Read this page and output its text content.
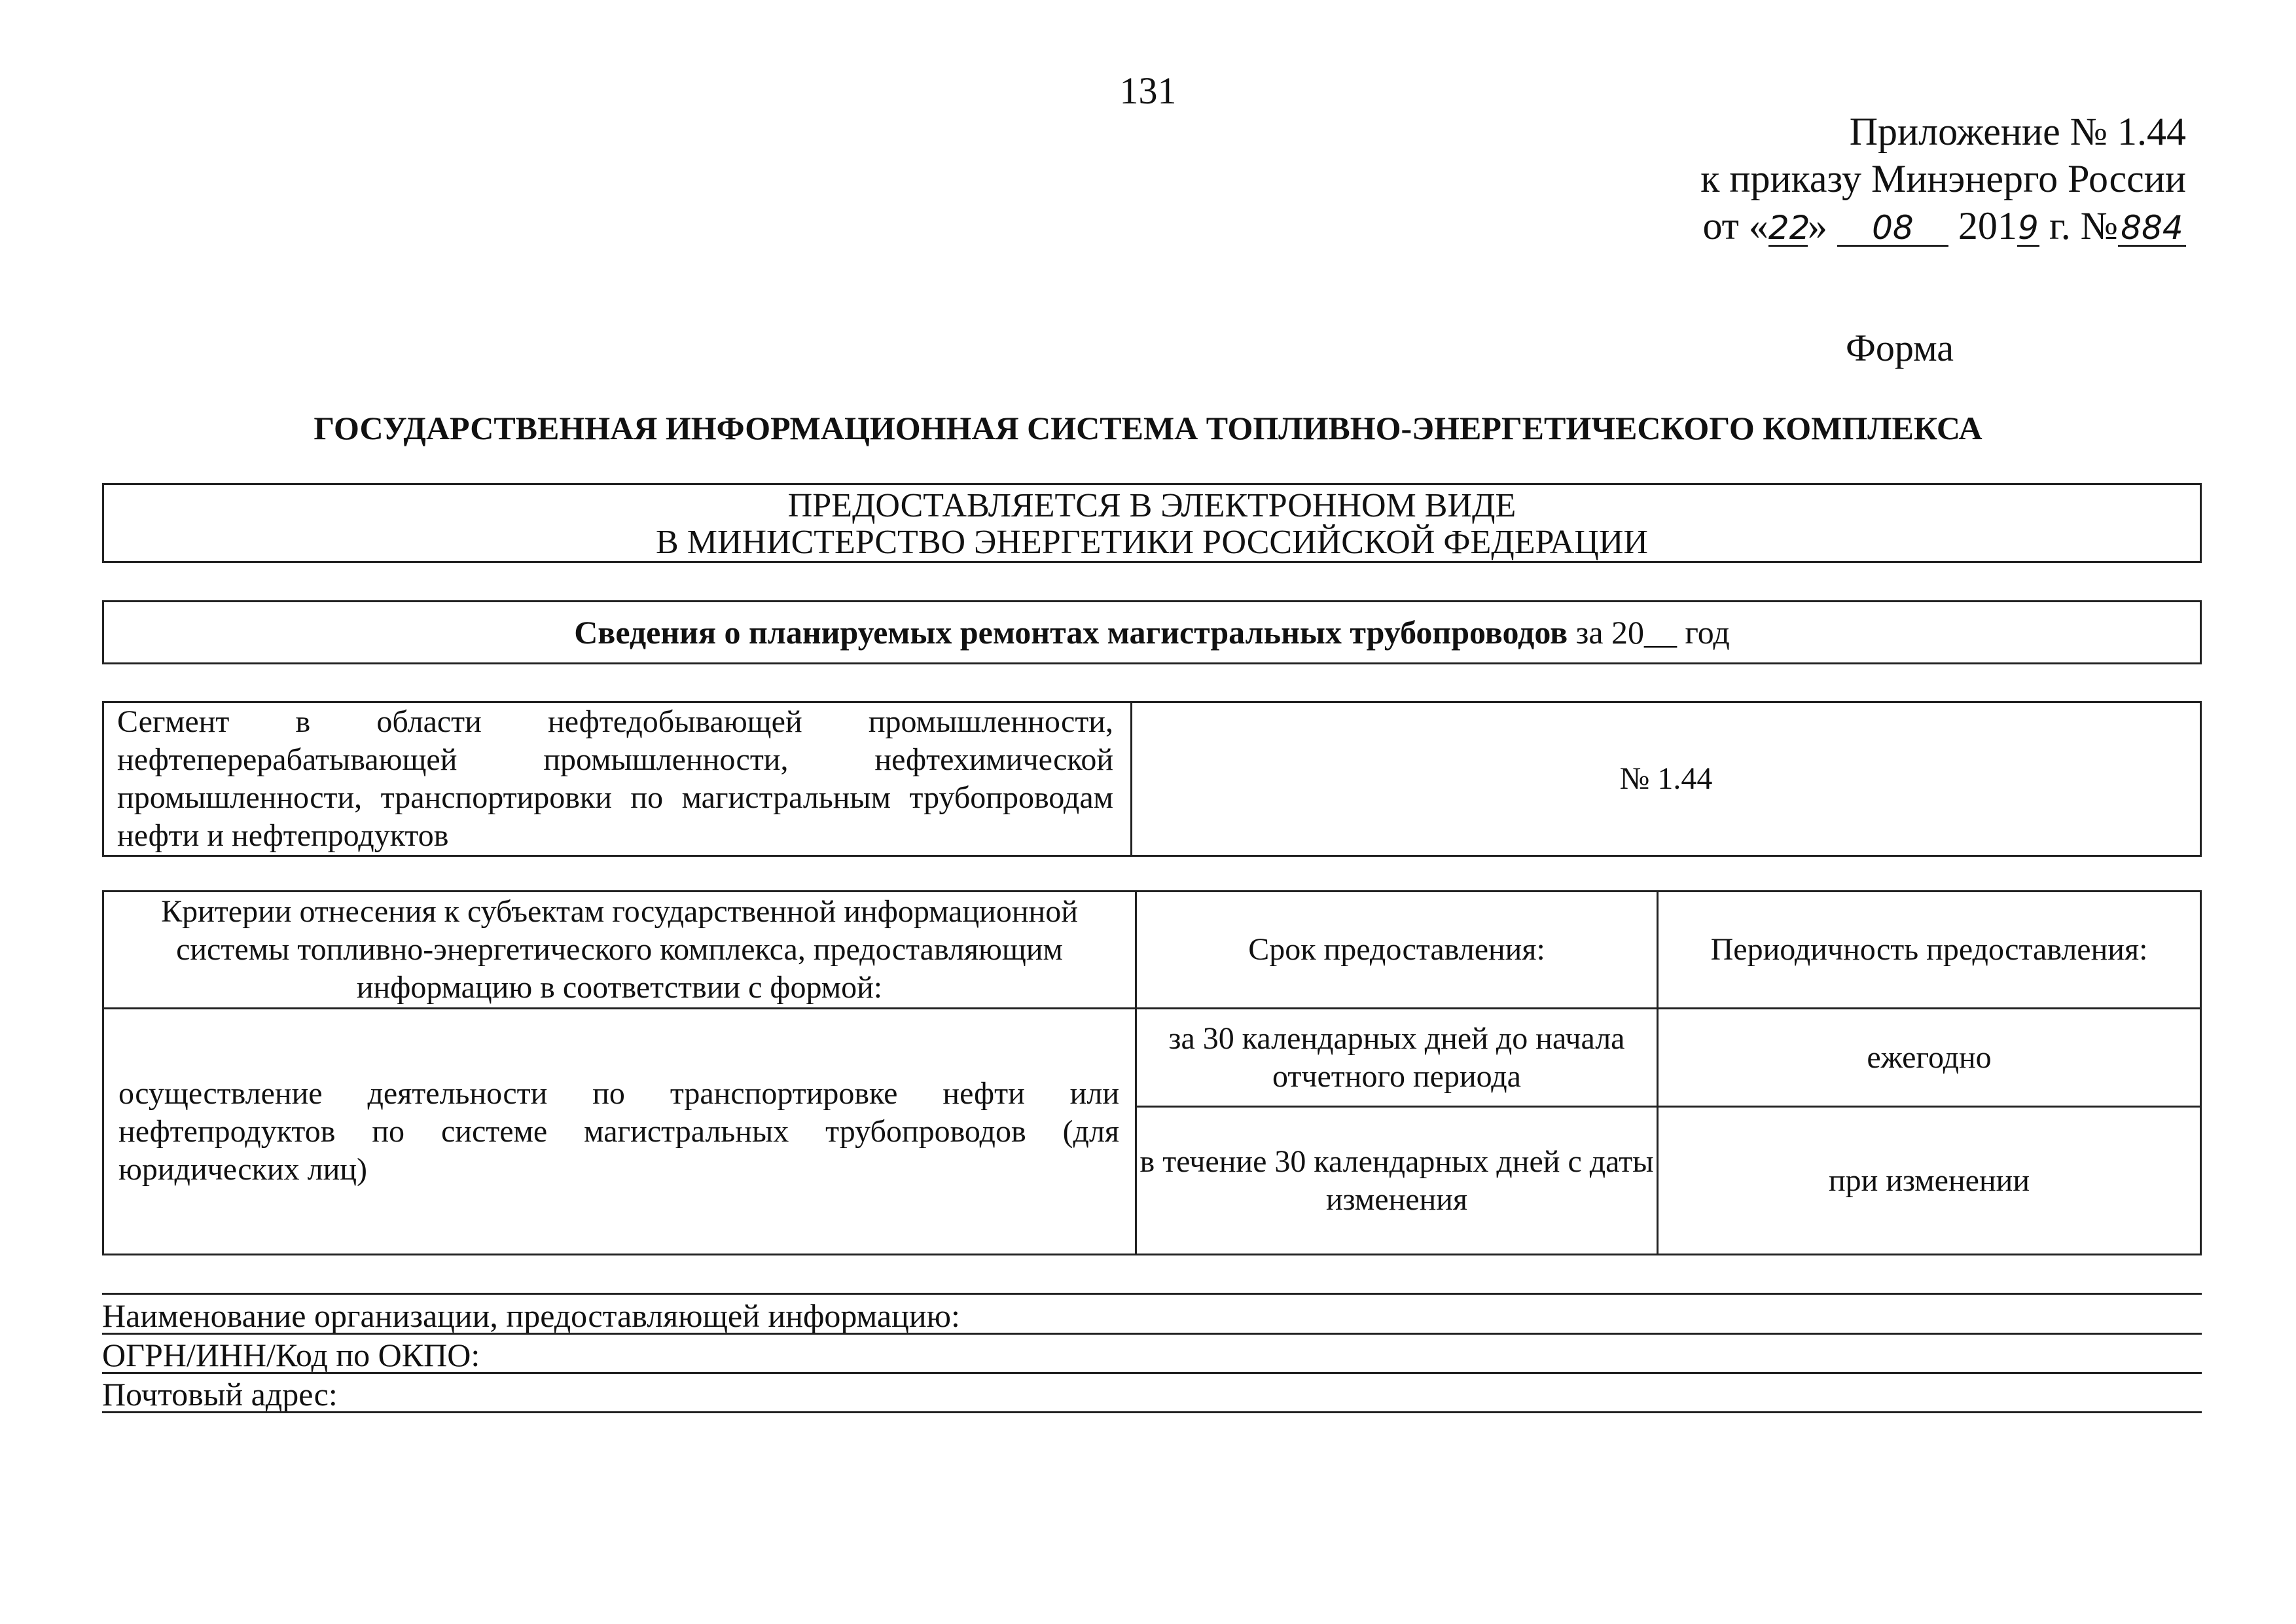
131
Приложение № 1.44
к приказу Минэнерго России
от «22» 08 2019 г. №884
Форма
ГОСУДАРСТВЕННАЯ ИНФОРМАЦИОННАЯ СИСТЕМА ТОПЛИВНО-ЭНЕРГЕТИЧЕСКОГО КОМПЛЕКСА
ПРЕДОСТАВЛЯЕТСЯ В ЭЛЕКТРОННОМ ВИДЕ
В МИНИСТЕРСТВО ЭНЕРГЕТИКИ РОССИЙСКОЙ ФЕДЕРАЦИИ
Сведения о планируемых ремонтах магистральных трубопроводов за 20__ год
Сегмент в области нефтедобывающей промышленности, нефтеперерабатывающей промышленности, нефтехимической промышленности, транспортировки по магистральным трубопроводам нефти и нефтепродуктов	№ 1.44
Критерии отнесения к субъектам государственной информационной системы топливно-энергетического комплекса, предоставляющим информацию в соответствии с формой:	Срок предоставления:	Периодичность предоставления:
осуществление деятельности по транспортировке нефти или нефтепродуктов по системе магистральных трубопроводов (для юридических лиц)	за 30 календарных дней до начала отчетного периода	ежегодно
	в течение 30 календарных дней с даты изменения	при изменении
Наименование организации, предоставляющей информацию:
ОГРН/ИНН/Код по ОКПО:
Почтовый адрес:
